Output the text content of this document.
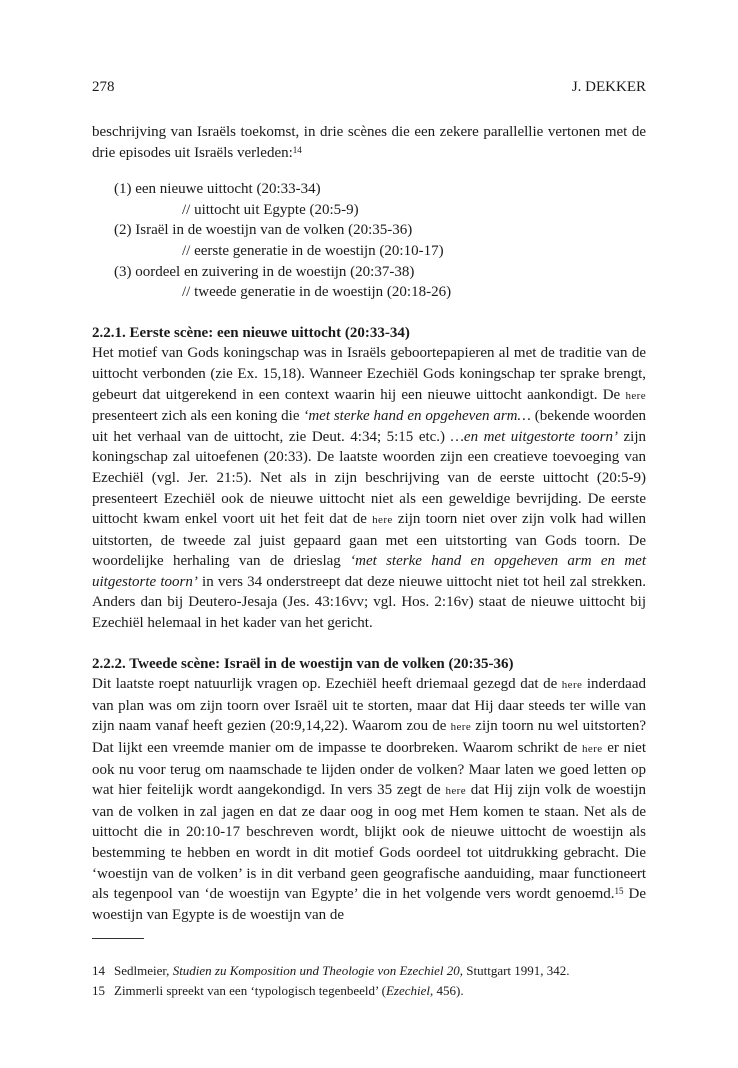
278	J. DEKKER

beschrijving van Israëls toekomst, in drie scènes die een zekere parallellie vertonen met de drie episodes uit Israëls verleden:$^{14}$

(1) een nieuwe uittocht (20:33-34)
// uittocht uit Egypte (20:5-9)
(2) Israël in de woestijn van de volken (20:35-36)
// eerste generatie in de woestijn (20:10-17)
(3) oordeel en zuivering in de woestijn (20:37-38)
// tweede generatie in de woestijn (20:18-26)

2.2.1. Eerste scène: een nieuwe uittocht (20:33-34)

Het motief van Gods koningschap was in Israëls geboortepapieren al met de traditie van de uittocht verbonden (zie Ex. 15,18). Wanneer Ezechiël Gods koningschap ter sprake brengt, gebeurt dat uitgerekend in een context waarin hij een nieuwe uittocht aankondigt. De here presenteert zich als een koning die ‘met sterke hand en opgeheven arm… (bekende woorden uit het verhaal van de uittocht, zie Deut. 4:34; 5:15 etc.) …en met uitgestorte toorn’ zijn koningschap zal uitoefenen (20:33). De laatste woorden zijn een creatieve toevoeging van Ezechiël (vgl. Jer. 21:5). Net als in zijn beschrijving van de eerste uittocht (20:5-9) presenteert Ezechiël ook de nieuwe uittocht niet als een geweldige bevrijding. De eerste uittocht kwam enkel voort uit het feit dat de here zijn toorn niet over zijn volk had willen uitstorten, de tweede zal juist gepaard gaan met een uitstorting van Gods toorn. De woordelijke herhaling van de drieslag ‘met sterke hand en opgeheven arm en met uitgestorte toorn’ in vers 34 onderstreept dat deze nieuwe uittocht niet tot heil zal strekken. Anders dan bij Deutero-Jesaja (Jes. 43:16vv; vgl. Hos. 2:16v) staat de nieuwe uittocht bij Ezechiël helemaal in het kader van het gericht.

2.2.2. Tweede scène: Israël in de woestijn van de volken (20:35-36)

Dit laatste roept natuurlijk vragen op. Ezechiël heeft driemaal gezegd dat de here inderdaad van plan was om zijn toorn over Israël uit te storten, maar dat Hij daar steeds ter wille van zijn naam vanaf heeft gezien (20:9,14,22). Waarom zou de here zijn toorn nu wel uitstorten? Dat lijkt een vreemde manier om de impasse te doorbreken. Waarom schrikt de here er niet ook nu voor terug om naamschade te lijden onder de volken? Maar laten we goed letten op wat hier feitelijk wordt aangekondigd. In vers 35 zegt de here dat Hij zijn volk de woestijn van de volken in zal jagen en dat ze daar oog in oog met Hem komen te staan. Net als de uittocht die in 20:10-17 beschreven wordt, blijkt ook de nieuwe uittocht de woestijn als bestemming te hebben en wordt in dit motief Gods oordeel tot uitdrukking gebracht. Die ‘woestijn van de volken’ is in dit verband geen geografische aanduiding, maar functioneert als tegenpool van ‘de woestijn van Egypte’ die in het volgende vers wordt genoemd.$^{15}$ De woestijn van Egypte is de woestijn van de

14 Sedlmeier, Studien zu Komposition und Theologie von Ezechiel 20, Stuttgart 1991, 342.
15 Zimmerli spreekt van een ‘typologisch tegenbeeld’ (Ezechiel, 456).
